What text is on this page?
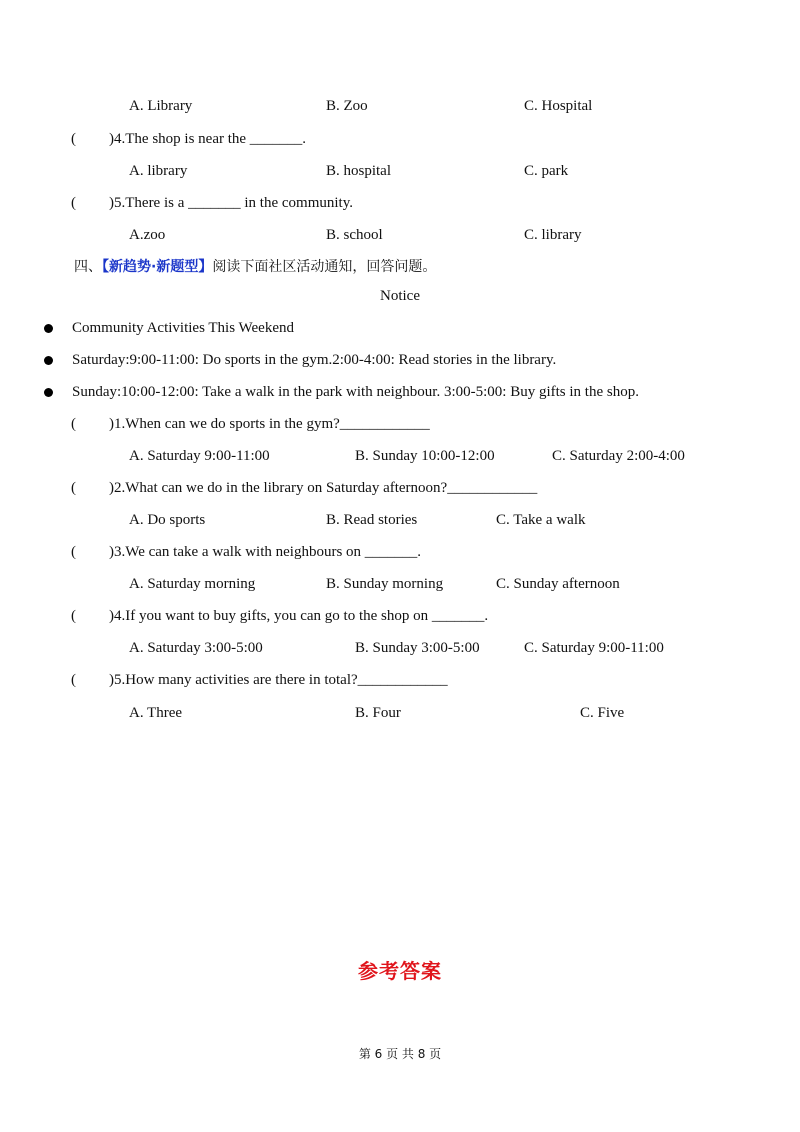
A. Library	B. Zoo	C. Hospital
( )4.The shop is near the _______.
A. library	B. hospital	C. park
( )5.There is a _______ in the community.
A.zoo	B. school	C. library
四、【新趋势·新题型】阅读下面社区活动通知，回答问题。
Notice
Community Activities This Weekend
Saturday:9:00-11:00: Do sports in the gym.2:00-4:00: Read stories in the library.
Sunday:10:00-12:00: Take a walk in the park with neighbour. 3:00-5:00: Buy gifts in the shop.
( )1.When can we do sports in the gym?____________
A. Saturday 9:00-11:00	B. Sunday 10:00-12:00	C. Saturday 2:00-4:00
( )2.What can we do in the library on Saturday afternoon?____________
A. Do sports	B. Read stories	C. Take a walk
( )3.We can take a walk with neighbours on _______.
A. Saturday morning	B. Sunday morning	C. Sunday afternoon
( )4.If you want to buy gifts, you can go to the shop on _______.
A. Saturday 3:00-5:00	B. Sunday 3:00-5:00	C. Saturday 9:00-11:00
( )5.How many activities are there in total?____________
A. Three	B. Four	C. Five
参考答案
第 6 页 共 8 页
